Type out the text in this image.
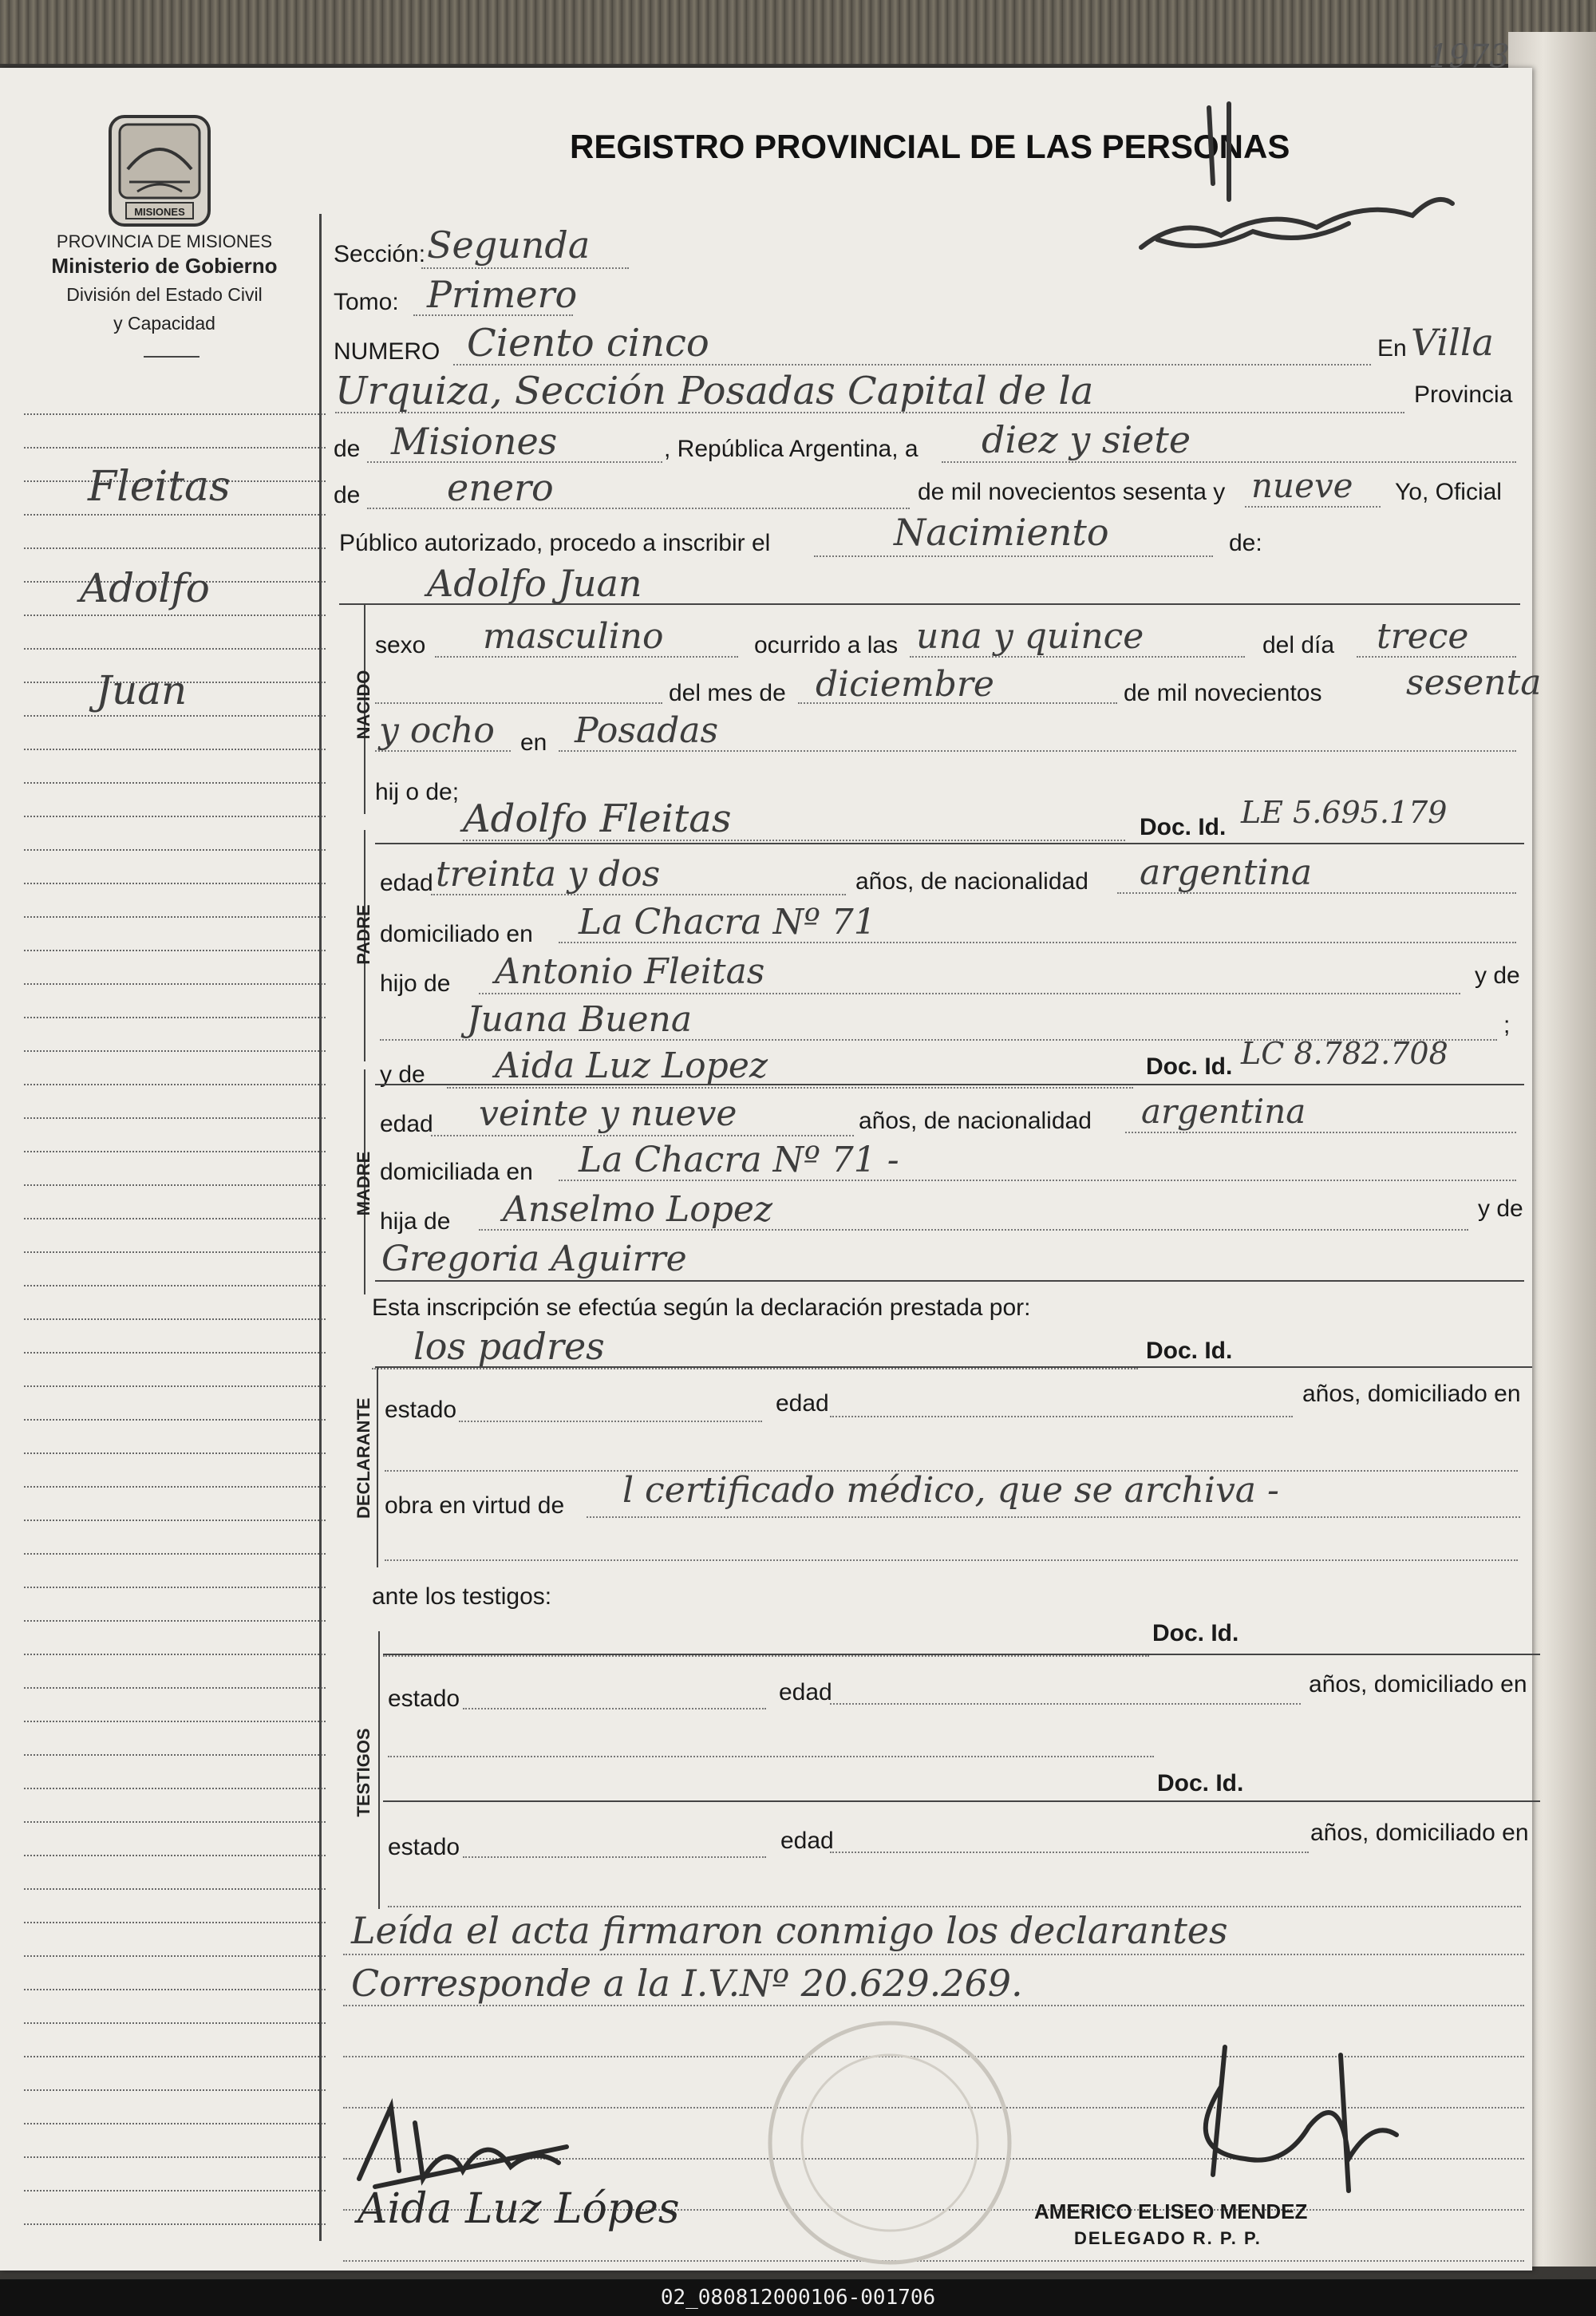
1973
MISIONES
PROVINCIA DE MISIONES
Ministerio de Gobierno
División del Estado Civil
y Capacidad
REGISTRO PROVINCIAL DE LAS PERSONAS
Fleitas
Adolfo
Juan
Sección: Segunda
Tomo: Primero
NUMERO Ciento cinco	En Villa
Urquiza, Sección Posadas Capital de la	Provincia
de Misiones	, República Argentina, a diez y siete
de enero	de mil novecientos sesenta y nueve Yo, Oficial
Público autorizado, procedo a inscribir el	Nacimiento	de:
Adolfo Juan
NACIDO
sexo masculino	ocurrido a las una y quince	del día trece
del mes de diciembre	de mil novecientos sesenta
y ocho en Posadas
hij o de;
Adolfo Fleitas	Doc. Id. LE 5.695.179
PADRE
edad treinta y dos	años, de nacionalidad argentina
domiciliado en La Chacra Nº 71
hijo de Antonio Fleitas	y de
Juana Buena	;
y de Aida Luz Lopez	Doc. Id. LC 8.782.708
MADRE
edad veinte y nueve	años, de nacionalidad argentina
domiciliada en La Chacra Nº 71 -
hija de Anselmo Lopez	y de
Gregoria Aguirre
Esta inscripción se efectúa según la declaración prestada por:
los padres	Doc. Id.
DECLARANTE estado	edad	años, domiciliado en
obra en virtud de l certificado médico, que se archiva -
ante los testigos:
Doc. Id.
TESTIGOS
estado	edad	años, domiciliado en
Doc. Id.
estado	edad	años, domiciliado en
Leída el acta firmaron conmigo los declarantes
Corresponde a la I.V.Nº 20.629.269.
Aida Luz Lópes	AMERICO ELISEO MENDEZ
DELEGADO R. P. P.
02_080812000106-001706
